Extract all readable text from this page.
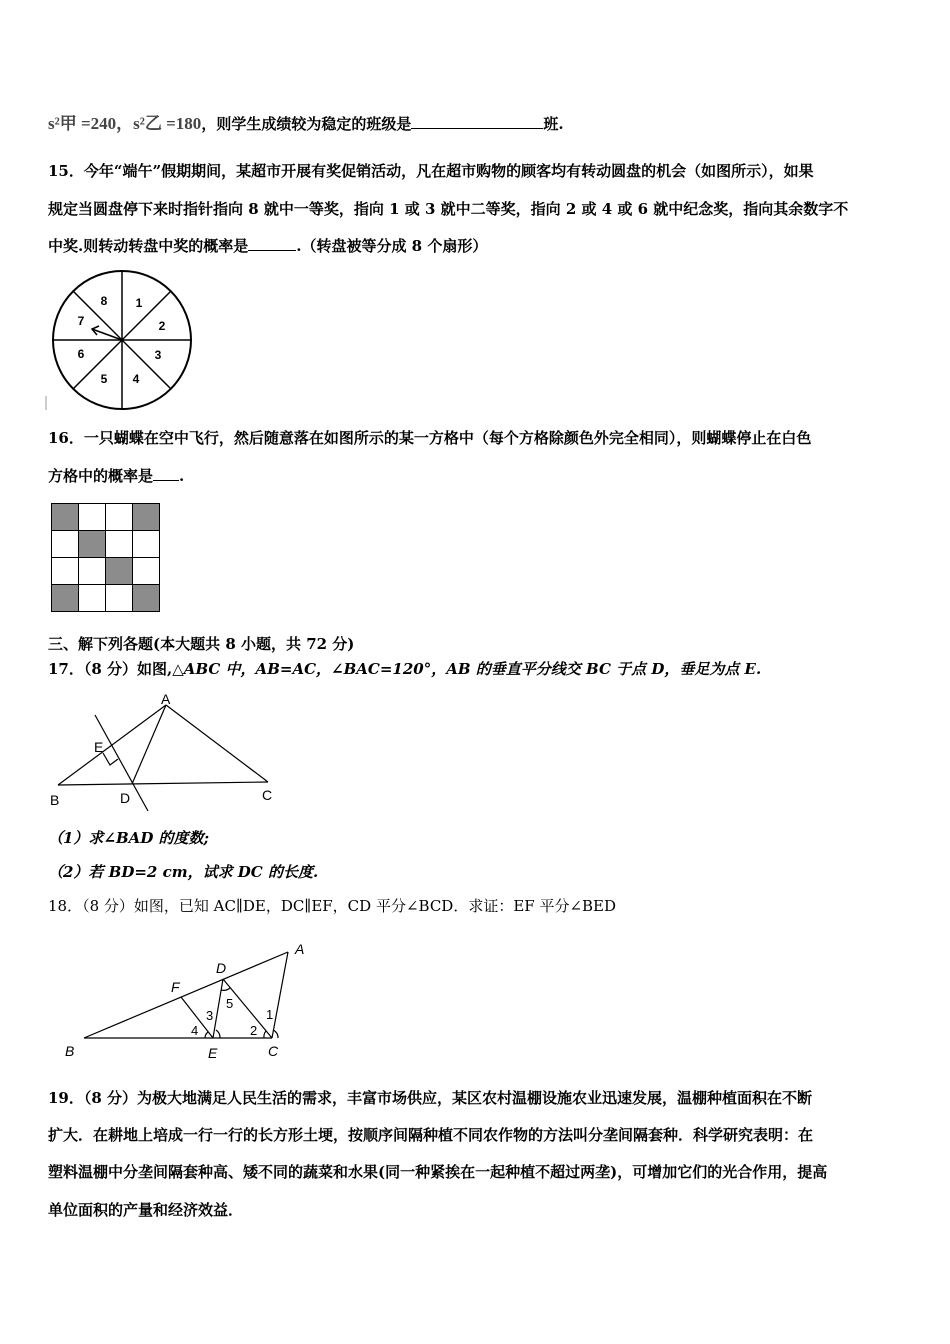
s²甲 =240，s²乙 =180，则学生成绩较为稳定的班级是	班.
15．今年“端午”假期期间，某超市开展有奖促销活动，凡在超市购物的顾客均有转动圆盘的机会（如图所示），如果
规定当圆盘停下来时指针指向 8 就中一等奖，指向 1 或 3 就中二等奖，指向 2 或 4 或 6 就中纪念奖，指向其余数字不
中奖.则转动转盘中奖的概率是	.（转盘被等分成 8 个扇形）
1
2
3
4
5
6
7
8
16．一只蝴蝶在空中飞行，然后随意落在如图所示的某一方格中（每个方格除颜色外完全相同），则蝴蝶停止在白色
方格中的概率是 .

三、解下列各题(本大题共 8 小题，共 72 分)
17．（8 分）如图,△ABC 中，AB=AC，∠BAC=120°，AB 的垂直平分线交 BC 于点 D，垂足为点 E.
A
E
B	D	C
（1）求∠BAD 的度数;
（2）若 BD=2 cm，试求 DC 的长度.
18．（8 分）如图，已知 AC∥DE，DC∥EF，CD 平分∠BCD．求证：EF 平分∠BED
A
D
F
B	E	C
1
2
3
4
5
19．（8 分）为极大地满足人民生活的需求，丰富市场供应，某区农村温棚设施农业迅速发展，温棚种植面积在不断
扩大．在耕地上培成一行一行的长方形土埂，按顺序间隔种植不同农作物的方法叫分垄间隔套种．科学研究表明：在
塑料温棚中分垄间隔套种高、矮不同的蔬菜和水果(同一种紧挨在一起种植不超过两垄)，可增加它们的光合作用，提高
单位面积的产量和经济效益．
